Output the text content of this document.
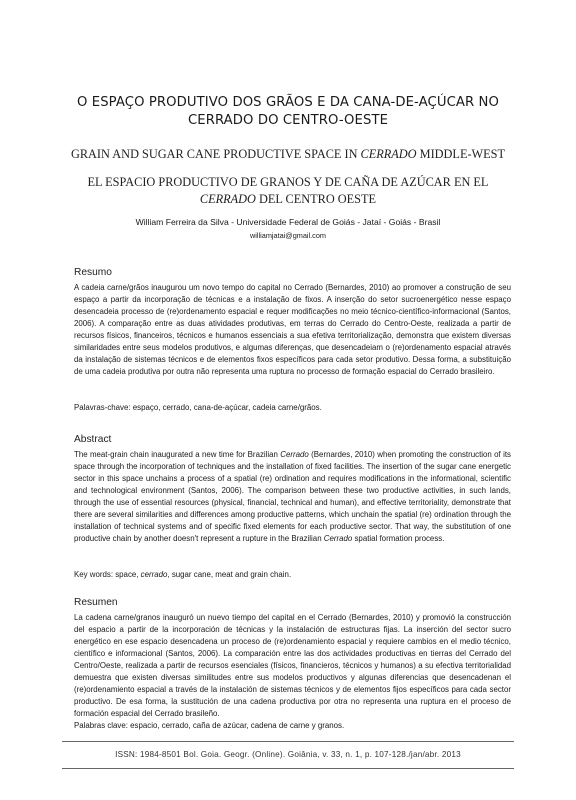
O ESPAÇO PRODUTIVO DOS GRÃOS E DA CANA-DE-AÇÚCAR NO CERRADO DO CENTRO-OESTE
GRAIN AND SUGAR CANE PRODUCTIVE SPACE IN CERRADO MIDDLE-WEST
EL ESPACIO PRODUCTIVO DE GRANOS Y DE CAÑA DE AZÚCAR EN EL
CERRADO DEL CENTRO OESTE
William Ferreira da Silva - Universidade Federal de Goiás - Jataí - Goiás - Brasil
williamjatai@gmail.com
Resumo
A cadeia carne/grãos inaugurou um novo tempo do capital no Cerrado (Bernardes, 2010) ao promover a construção de seu espaço a partir da incorporação de técnicas e a instalação de fixos. A inserção do setor sucroenergético nesse espaço desencadeia processo de (re)ordenamento espacial e requer modificações no meio técnico-científico-informacional (Santos, 2006). A comparação entre as duas atividades produtivas, em terras do Cerrado do Centro-Oeste, realizada a partir de recursos físicos, financeiros, técnicos e humanos essenciais a sua efetiva territorialização, demonstra que existem diversas similaridades entre seus modelos produtivos, e algumas diferenças, que desencadeiam o (re)ordenamento espacial através da instalação de sistemas técnicos e de elementos fixos específicos para cada setor produtivo. Dessa forma, a substituição de uma cadeia produtiva por outra não representa uma ruptura no processo de formação espacial do Cerrado brasileiro.
Palavras-chave: espaço, cerrado, cana-de-açúcar, cadeia carne/grãos.
Abstract
The meat-grain chain inaugurated a new time for Brazilian Cerrado (Bernardes, 2010) when promoting the construction of its space through the incorporation of techniques and the installation of fixed facilities. The insertion of the sugar cane energetic sector in this space unchains a process of a spatial (re) ordination and requires modifications in the informational, scientific and technological environment (Santos, 2006). The comparison between these two productive activities, in such lands, through the use of essential resources (physical, financial, technical and human), and effective territoriality, demonstrate that there are several similarities and differences among productive patterns, which unchain the spatial (re) ordination through the installation of technical systems and of specific fixed elements for each productive sector. That way, the substitution of one productive chain by another doesn't represent a rupture in the Brazilian Cerrado spatial formation process.
Key words: space, cerrado, sugar cane, meat and grain chain.
Resumen
La cadena carne/granos inauguró un nuevo tiempo del capital en el Cerrado (Bernardes, 2010) y promovió la construcción del espacio a partir de la incorporación de técnicas y la instalación de estructuras fijas. La inserción del sector sucro energético en ese espacio desencadena un proceso de (re)ordenamiento espacial y requiere cambios en el medio técnico, científico e informacional (Santos, 2006). La comparación entre las dos actividades productivas en tierras del Cerrado del Centro/Oeste, realizada a partir de recursos esenciales (físicos, financieros, técnicos y humanos) a su efectiva territorialidad demuestra que existen diversas similitudes entre sus modelos productivos y algunas diferencias que desencadenan el (re)ordenamiento espacial a través de la instalación de sistemas técnicos y de elementos fijos específicos para cada sector productivo. De esa forma, la sustitución de una cadena productiva por otra no representa una ruptura en el proceso de formación espacial del Cerrado brasileño.
Palabras clave: espacio, cerrado, caña de azúcar, cadena de carne y granos.
ISSN: 1984-8501 Bol. Goia. Geogr. (Online). Goiânia, v. 33, n. 1, p. 107-128./jan/abr. 2013
